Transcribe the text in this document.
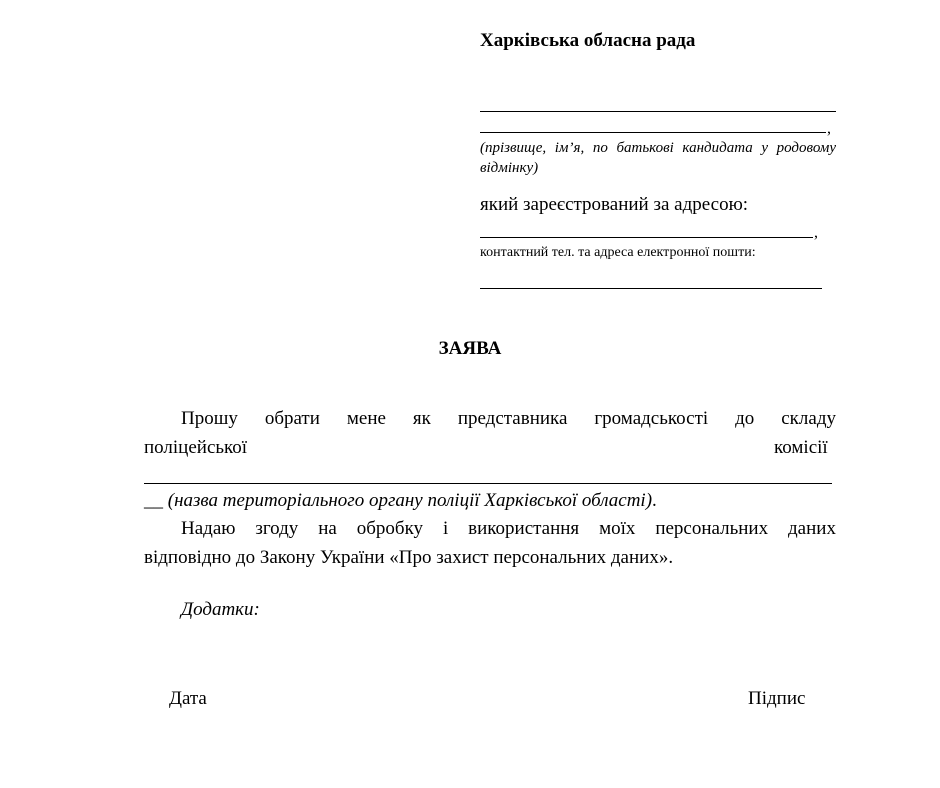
Харківська обласна рада
,
(прізвище, ім’я, по батькові кандидата у родовому відмінку)
який зареєстрований за адресою:
,
контактний тел. та адреса електронної пошти:
ЗАЯВА
Прошу обрати мене як представника громадськості до складу
поліцейської	комісії
__ (назва територіального органу поліції Харківської області).
Надаю згоду на обробку і використання моїх персональних даних
відповідно до Закону України «Про захист персональних даних».
Додатки:
Дата	Підпис
